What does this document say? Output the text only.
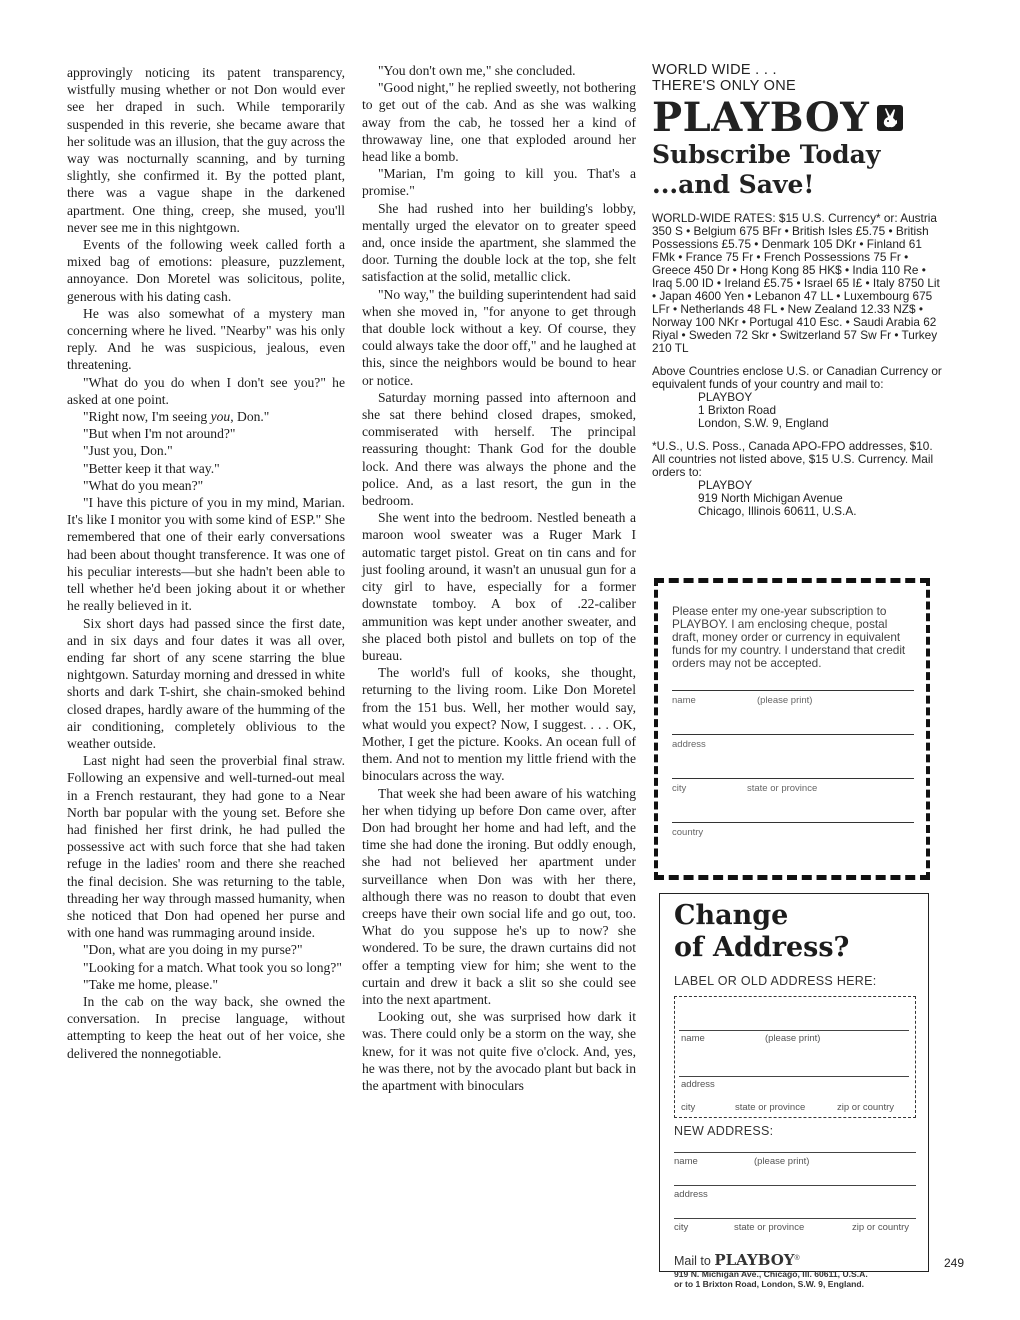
approvingly noticing its patent transparency, wistfully musing whether or not Don would ever see her draped in such. While temporarily suspended in this reverie, she became aware that her solitude was an illusion, that the guy across the way was nocturnally scanning, and by turning slightly, she confirmed it. By the potted plant, there was a vague shape in the darkened apartment. One thing, creep, she mused, you'll never see me in this nightgown.

Events of the following week called forth a mixed bag of emotions: pleasure, puzzlement, annoyance. Don Moretel was solicitous, polite, generous with his dating cash.

He was also somewhat of a mystery man concerning where he lived. "Nearby" was his only reply. And he was suspicious, jealous, even threatening.

"What do you do when I don't see you?" he asked at one point.

"Right now, I'm seeing you, Don."

"But when I'm not around?"

"Just you, Don."

"Better keep it that way."

"What do you mean?"

"I have this picture of you in my mind, Marian. It's like I monitor you with some kind of ESP." She remembered that one of their early conversations had been about thought transference. It was one of his peculiar interests—but she hadn't been able to tell whether he'd been joking about it or whether he really believed in it.

Six short days had passed since the first date, and in six days and four dates it was all over, ending far short of any scene starring the blue nightgown. Saturday morning and dressed in white shorts and dark T-shirt, she chain-smoked behind closed drapes, hardly aware of the humming of the air conditioning, completely oblivious to the weather outside.

Last night had seen the proverbial final straw. Following an expensive and well-turned-out meal in a French restaurant, they had gone to a Near North bar popular with the young set. Before she had finished her first drink, he had pulled the possessive act with such force that she had taken refuge in the ladies' room and there she reached the final decision. She was returning to the table, threading her way through massed humanity, when she noticed that Don had opened her purse and with one hand was rummaging around inside.

"Don, what are you doing in my purse?"

"Looking for a match. What took you so long?"

"Take me home, please."

In the cab on the way back, she owned the conversation. In precise language, without attempting to keep the heat out of her voice, she delivered the nonnegotiable.

"You don't own me," she concluded.

"Good night," he replied sweetly, not bothering to get out of the cab. And as she was walking away from the cab, he tossed her a kind of throwaway line, one that exploded around her head like a bomb.

"Marian, I'm going to kill you. That's a promise."

She had rushed into her building's lobby, mentally urged the elevator on to greater speed and, once inside the apartment, she slammed the door. Turning the double lock at the top, she felt satisfaction at the solid, metallic click.

"No way," the building superintendent had said when she moved in, "for anyone to get through that double lock without a key. Of course, they could always take the door off," and he laughed at this, since the neighbors would be bound to hear or notice.

Saturday morning passed into afternoon and she sat there behind closed drapes, smoked, commiserated with herself. The principal reassuring thought: Thank God for the double lock. And there was always the phone and the police. And, as a last resort, the gun in the bedroom.

She went into the bedroom. Nestled beneath a maroon wool sweater was a Ruger Mark I automatic target pistol. Great on tin cans and for just fooling around, it wasn't an unusual gun for a city girl to have, especially for a former downstate tomboy. A box of .22-caliber ammunition was kept under another sweater, and she placed both pistol and bullets on top of the bureau.

The world's full of kooks, she thought, returning to the living room. Like Don Moretel from the 151 bus. Well, her mother would say, what would you expect? Now, I suggest. . . . OK, Mother, I get the picture. Kooks. An ocean full of them. And not to mention my little friend with the binoculars across the way.

That week she had been aware of his watching her when tidying up before Don came over, after Don had brought her home and had left, and the time she had done the ironing. But oddly enough, she had not believed her apartment under surveillance when Don was with her there, although there was no reason to doubt that even creeps have their own social life and go out, too. What do you suppose he's up to now? she wondered. To be sure, the drawn curtains did not offer a tempting view for him; she went to the curtain and drew it back a slit so she could see into the next apartment.

Looking out, she was surprised how dark it was. There could only be a storm on the way, she knew, for it was not quite five o'clock. And, yes, he was there, not by the avocado plant but back in the apartment with binoculars

WORLD WIDE . . .
THERE'S ONLY ONE
PLAYBOY
Subscribe Today
...and Save!
WORLD-WIDE RATES: $15 U.S. Currency* or: Austria 350 S • Belgium 675 BFr • British Isles £5.75 • British Possessions £5.75 • Denmark 105 DKr • Finland 61 FMk • France 75 Fr • French Possessions 75 Fr • Greece 450 Dr • Hong Kong 85 HK$ • India 110 Re • Iraq 5.00 ID • Ireland £5.75 • Israel 65 I£ • Italy 8750 Lit • Japan 4600 Yen • Lebanon 47 LL • Luxembourg 675 LFr • Netherlands 48 FL • New Zealand 12.33 NZ$ • Norway 100 NKr • Portugal 410 Esc. • Saudi Arabia 62 Riyal • Sweden 72 Skr • Switzerland 57 Sw Fr • Turkey 210 TL
Above Countries enclose U.S. or Canadian Currency or equivalent funds of your country and mail to:
PLAYBOY
1 Brixton Road
London, S.W. 9, England
*U.S., U.S. Poss., Canada APO-FPO addresses, $10. All countries not listed above, $15 U.S. Currency. Mail orders to:
PLAYBOY
919 North Michigan Avenue
Chicago, Illinois 60611, U.S.A.
Please enter my one-year subscription to PLAYBOY. I am enclosing cheque, postal draft, money order or currency in equivalent funds for my country. I understand that credit orders may not be accepted.
name	(please print)
address
city	state or province
country
Change
of Address?
LABEL OR OLD ADDRESS HERE:
name	(please print)
address
city	state or province	zip or country
NEW ADDRESS:
name	(please print)
address
city	state or province	zip or country
Mail to PLAYBOY®
919 N. Michigan Ave., Chicago, Ill. 60611, U.S.A.
or to 1 Brixton Road, London, S.W. 9, England.
249
